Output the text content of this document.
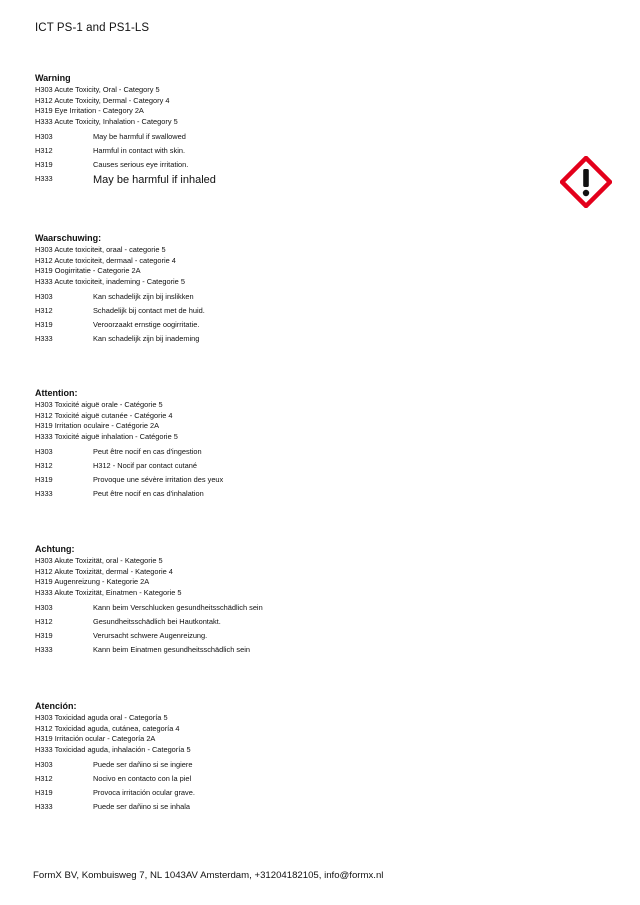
ICT PS-1 and PS1-LS
Warning
H303 Acute Toxicity, Oral - Category 5
H312 Acute Toxicity, Dermal - Category 4
H319 Eye Irritation - Category 2A
H333 Acute Toxicity, Inhalation - Category 5
H303	May be harmful if swallowed
H312	Harmful in contact with skin.
H319	Causes serious eye irritation.
H333	May be harmful if inhaled
Waarschuwing:
H303 Acute toxiciteit, oraal - categorie 5
H312 Acute toxiciteit, dermaal - categorie 4
H319 Oogirritatie - Categorie 2A
H333 Acute toxiciteit, inademing - Categorie 5
H303	Kan schadelijk zijn bij inslikken
H312	Schadelijk bij contact met de huid.
H319	Veroorzaakt ernstige oogirritatie.
H333	Kan schadelijk zijn bij inademing
Attention:
H303 Toxicité aiguë orale - Catégorie 5
H312 Toxicité aiguë cutanée - Catégorie 4
H319 Irritation oculaire - Catégorie 2A
H333 Toxicité aiguë inhalation - Catégorie 5
H303	Peut être nocif en cas d'ingestion
H312	H312 - Nocif par contact cutané
H319	Provoque une sévère irritation des yeux
H333	Peut être nocif en cas d'inhalation
Achtung:
H303 Akute Toxizität, oral - Kategorie 5
H312 Akute Toxizität, dermal - Kategorie 4
H319 Augenreizung - Kategorie 2A
H333 Akute Toxizität, Einatmen - Kategorie 5
H303	Kann beim Verschlucken gesundheitsschädlich sein
H312	Gesundheitsschädlich bei Hautkontakt.
H319	Verursacht schwere Augenreizung.
H333	Kann beim Einatmen gesundheitsschädlich sein
Atención:
H303 Toxicidad aguda oral - Categoría 5
H312 Toxicidad aguda, cutánea, categoría 4
H319 Irritación ocular - Categoría 2A
H333 Toxicidad aguda, inhalación - Categoría 5
H303	Puede ser dañino si se ingiere
H312	Nocivo en contacto con la piel
H319	Provoca irritación ocular grave.
H333	Puede ser dañino si se inhala
FormX BV, Kombuisweg 7, NL 1043AV Amsterdam, +31204182105, info@formx.nl
